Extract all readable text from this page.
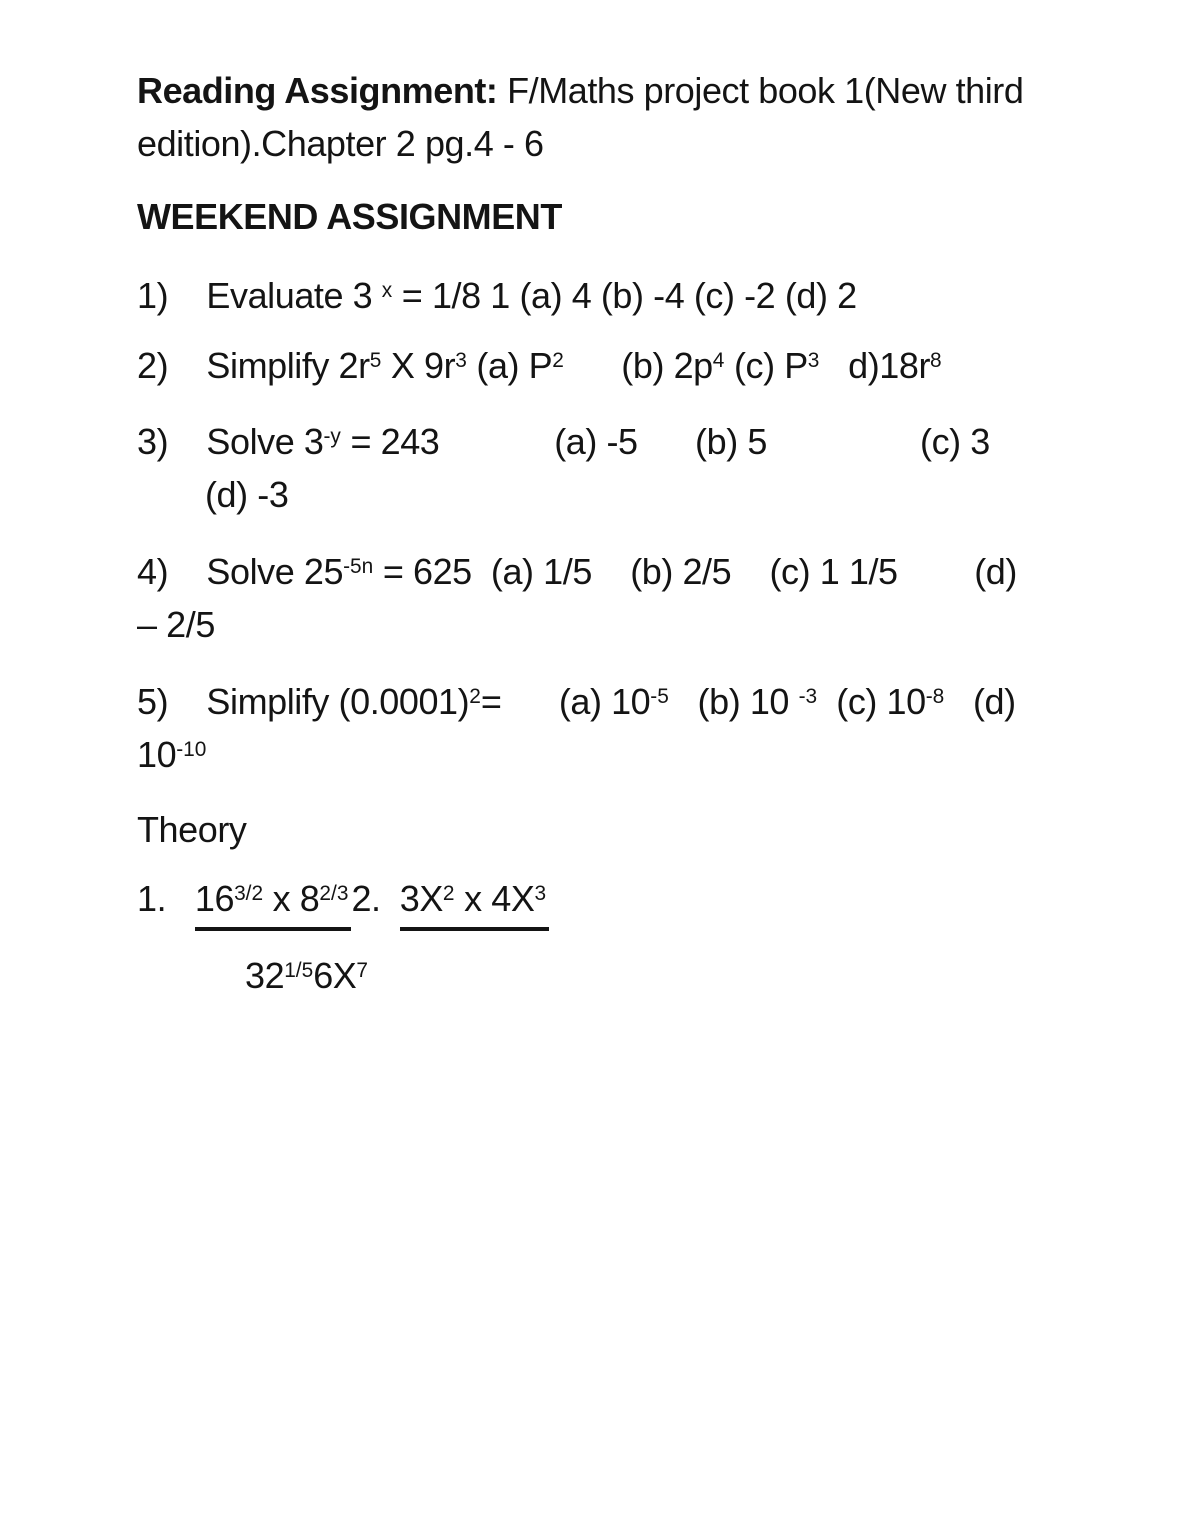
Reading Assignment: F/Maths project book 1(New third
edition).Chapter 2 pg.4 - 6
WEEKEND ASSIGNMENT
1)    Evaluate 3 $^x$ = 1/8 1 (a) 4 (b) -4 (c) -2 (d) 2
2)    Simplify $2r^5$ X $9r^3$ (a) $P^2$      (b) $2p^4$ (c) $P^3$   $d)18r^8$
3)    Solve $3^{-y} = 243$            (a) -5      (b) 5                (c) 3
(d) -3
4)    Solve $25^{-5n} = 625$  (a) 1/5    (b) 2/5    (c) 1 1/5        (d)
– 2/5
5)    Simplify $(0.0001)^2=$      (a) $10^{-5}$   (b) 10 $^{-3}$  (c) $10^{-8}$   (d)
$10^{-10}$
Theory
1.   $16^{3/2}$ x $8^{2/3}2$.  $3X^2$ x $4X^3$
$32^{1/5}6X^7$
